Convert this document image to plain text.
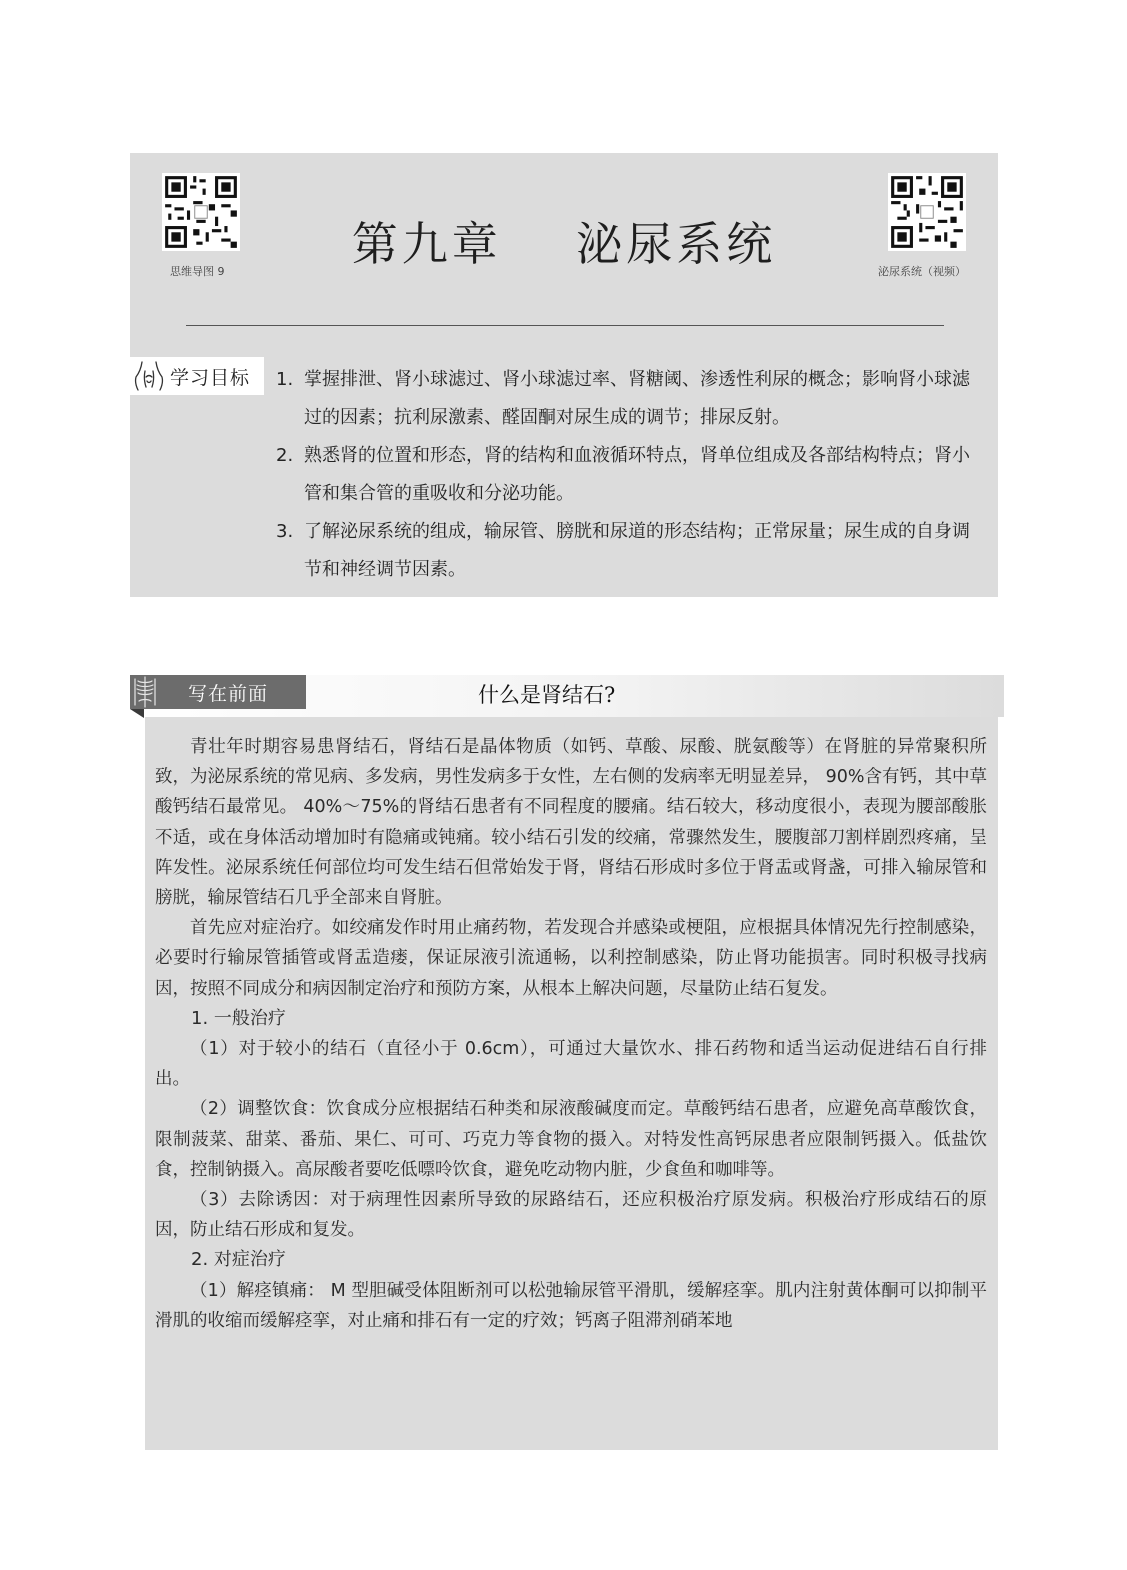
思维导图 9	泌尿系统（视频）
第九章    泌尿系统
学习目标 1. 掌握排泄、肾小球滤过、肾小球滤过率、肾糖阈、渗透性利尿的概念；影响肾小球滤过的因素；抗利尿激素、醛固酮对尿生成的调节；排尿反射。
2. 熟悉肾的位置和形态，肾的结构和血液循环特点，肾单位组成及各部结构特点；肾小管和集合管的重吸收和分泌功能。
3. 了解泌尿系统的组成，输尿管、膀胱和尿道的形态结构；正常尿量；尿生成的自身调节和神经调节因素。
写在前面	什么是肾结石?

青壮年时期容易患肾结石，肾结石是晶体物质（如钙、草酸、尿酸、胱氨酸等）在肾脏的异常聚积所致，为泌尿系统的常见病、多发病，男性发病多于女性，左右侧的发病率无明显差异， 90%含有钙，其中草酸钙结石最常见。 40%～75%的肾结石患者有不同程度的腰痛。结石较大，移动度很小，表现为腰部酸胀不适，或在身体活动增加时有隐痛或钝痛。较小结石引发的绞痛，常骤然发生，腰腹部刀割样剧烈疼痛，呈阵发性。泌尿系统任何部位均可发生结石但常始发于肾，肾结石形成时多位于肾盂或肾盏，可排入输尿管和膀胱，输尿管结石几乎全部来自肾脏。

首先应对症治疗。如绞痛发作时用止痛药物，若发现合并感染或梗阻，应根据具体情况先行控制感染，必要时行输尿管插管或肾盂造瘘，保证尿液引流通畅，以利控制感染，防止肾功能损害。同时积极寻找病因，按照不同成分和病因制定治疗和预防方案，从根本上解决问题，尽量防止结石复发。

1. 一般治疗

（1）对于较小的结石（直径小于 0.6cm），可通过大量饮水、排石药物和适当运动促进结石自行排出。

（2）调整饮食：饮食成分应根据结石种类和尿液酸碱度而定。草酸钙结石患者，应避免高草酸饮食，限制菠菜、甜菜、番茄、果仁、可可、巧克力等食物的摄入。对特发性高钙尿患者应限制钙摄入。低盐饮食，控制钠摄入。高尿酸者要吃低嘌呤饮食，避免吃动物内脏，少食鱼和咖啡等。

（3）去除诱因：对于病理性因素所导致的尿路结石，还应积极治疗原发病。积极治疗形成结石的原因，防止结石形成和复发。

2. 对症治疗

（1）解痉镇痛： M 型胆碱受体阻断剂可以松弛输尿管平滑肌，缓解痉挛。肌内注射黄体酮可以抑制平滑肌的收缩而缓解痉挛，对止痛和排石有一定的疗效；钙离子阻滞剂硝苯地
